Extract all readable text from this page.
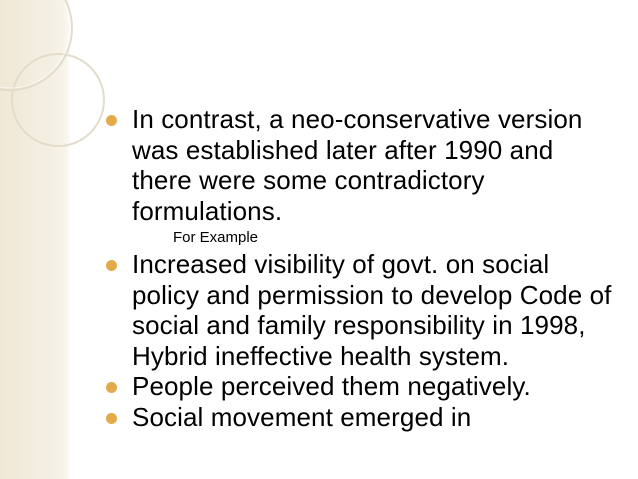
In contrast, a neo-conservative version was established later after 1990 and there were some contradictory formulations.
For Example
Increased visibility of govt. on social policy and permission to develop Code of social and family responsibility in 1998, Hybrid ineffective health system.
People perceived them negatively.
Social movement emerged in
